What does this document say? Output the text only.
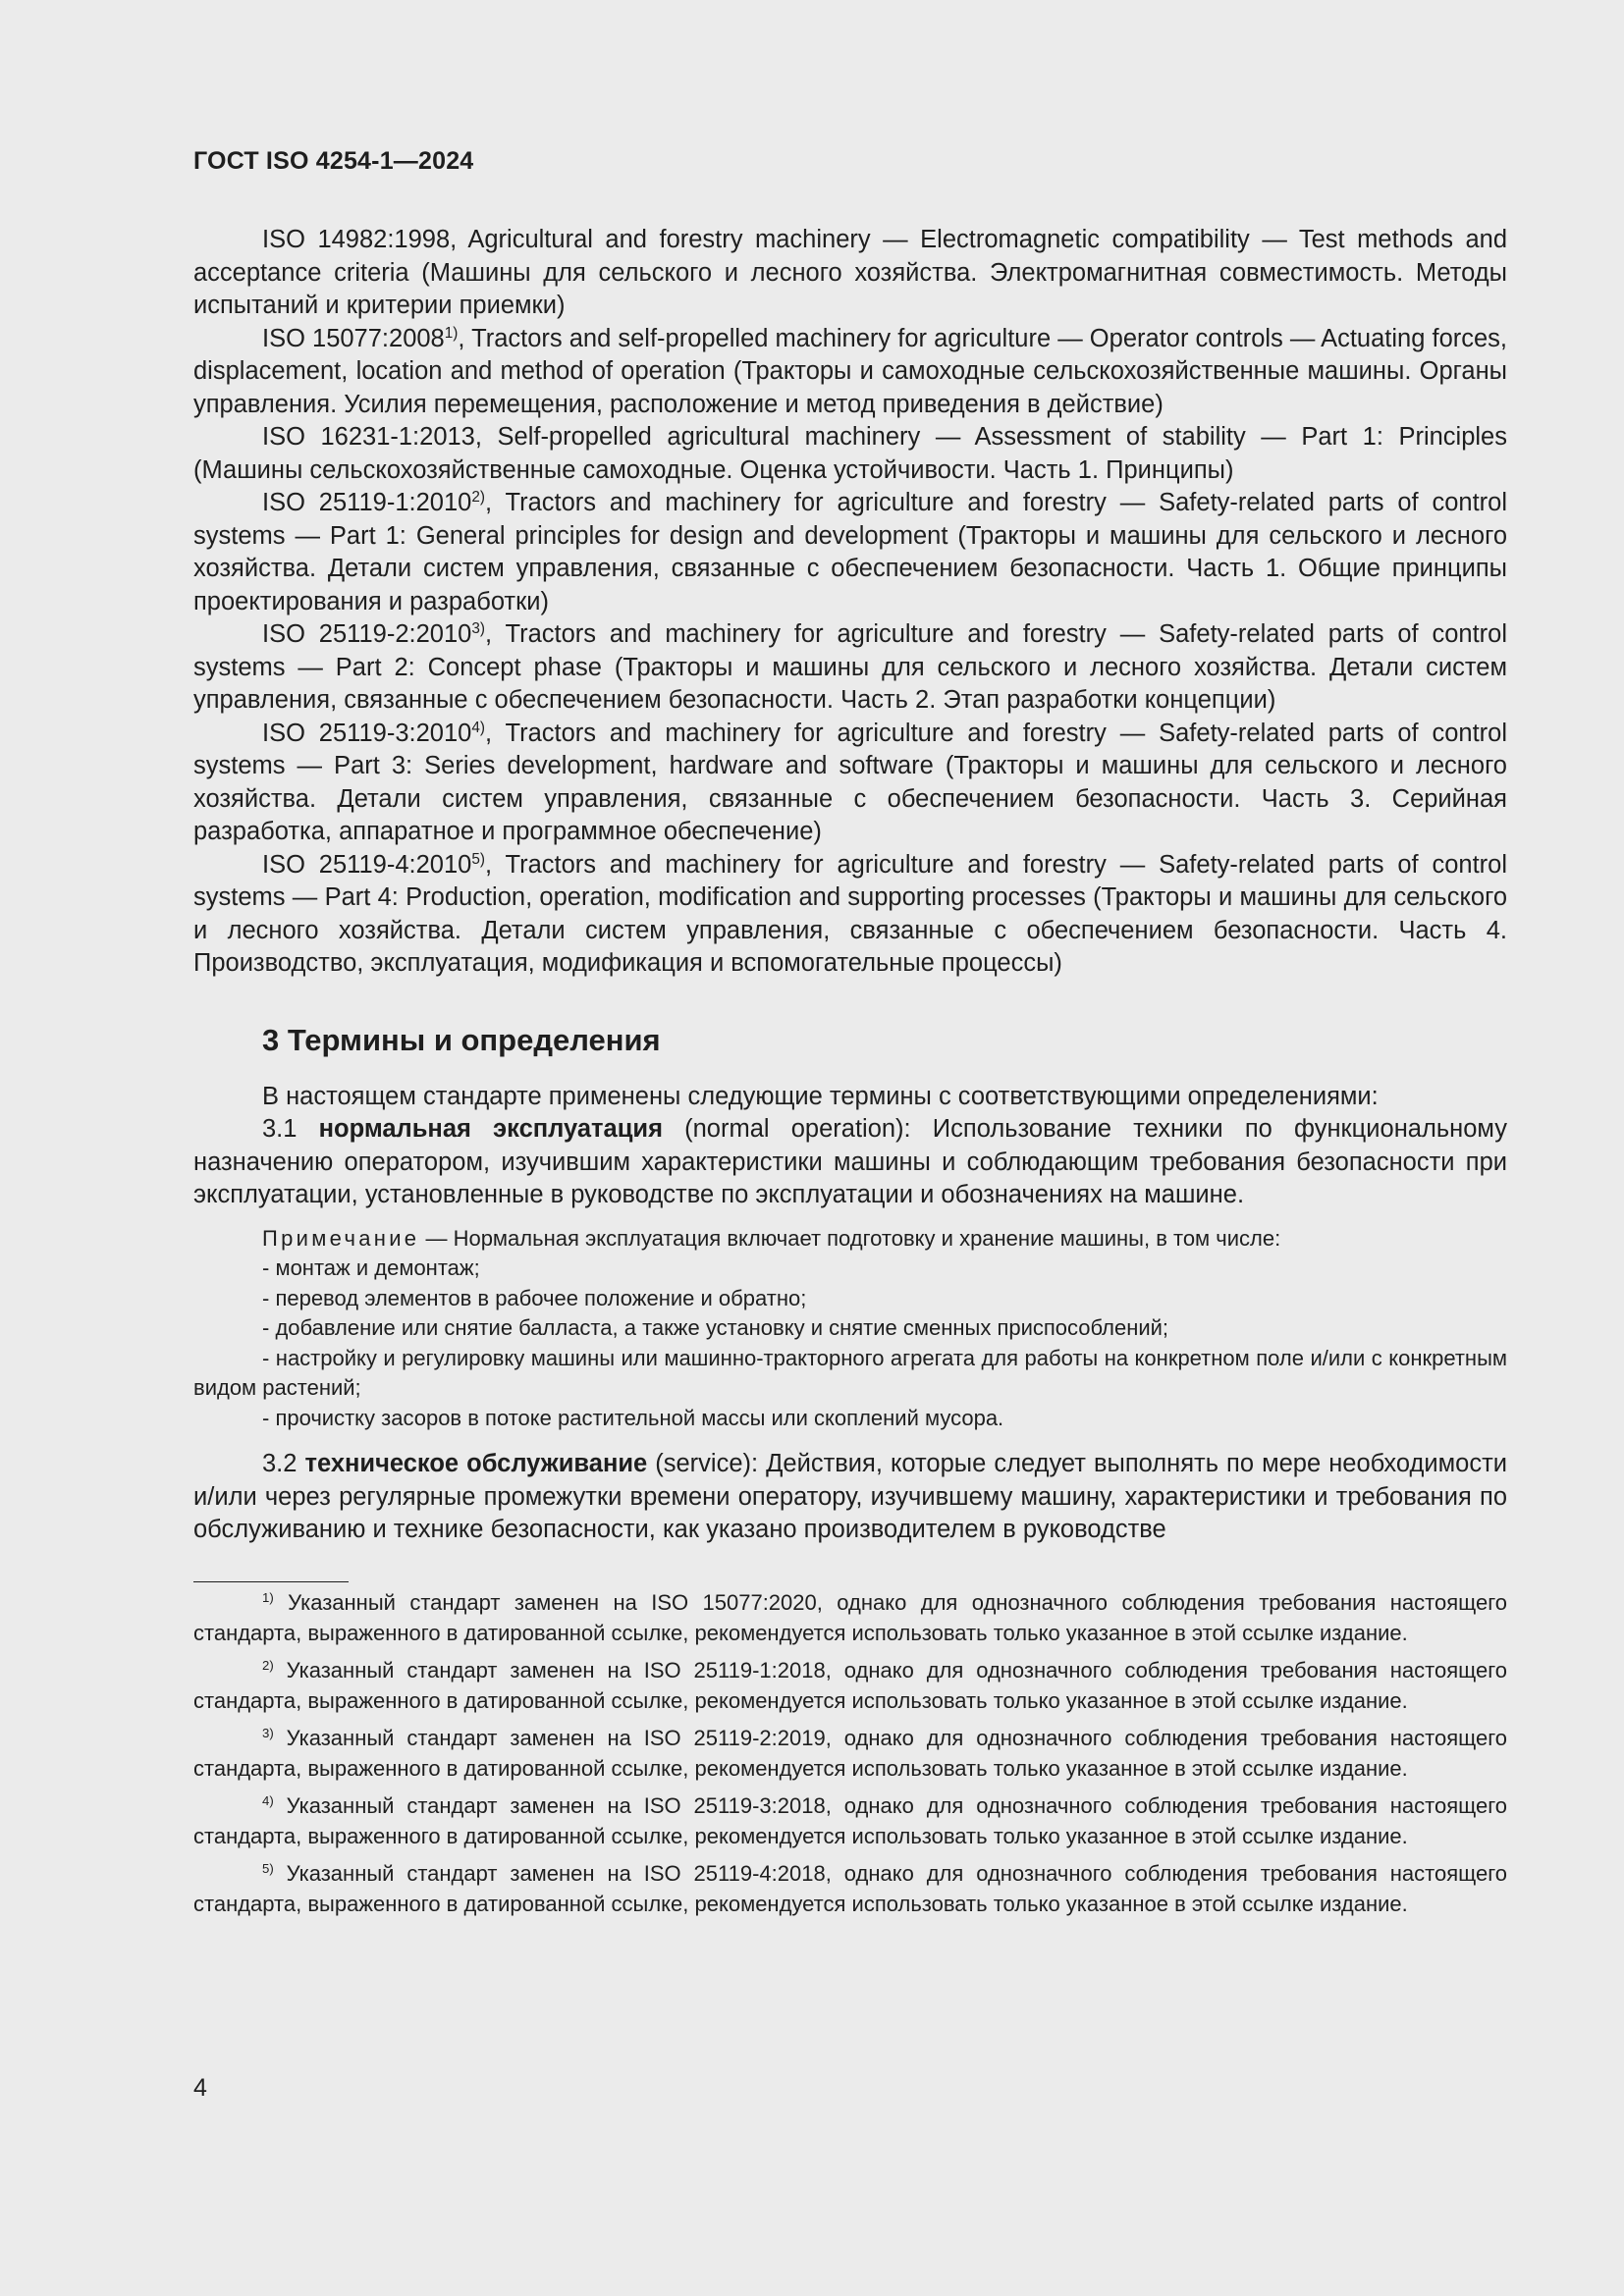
ГОСТ ISO 4254-1—2024

ISO 14982:1998, Agricultural and forestry machinery — Electromagnetic compatibility — Test methods and acceptance criteria (Машины для сельского и лесного хозяйства. Электромагнитная совместимость. Методы испытаний и критерии приемки)

ISO 15077:2008$^{1)}$, Tractors and self-propelled machinery for agriculture — Operator controls — Actuating forces, displacement, location and method of operation (Тракторы и самоходные сельскохозяйственные машины. Органы управления. Усилия перемещения, расположение и метод приведения в действие)

ISO 16231-1:2013, Self-propelled agricultural machinery — Assessment of stability — Part 1: Principles (Машины сельскохозяйственные самоходные. Оценка устойчивости. Часть 1. Принципы)

ISO 25119-1:2010$^{2)}$, Tractors and machinery for agriculture and forestry — Safety-related parts of control systems — Part 1: General principles for design and development (Тракторы и машины для сельского и лесного хозяйства. Детали систем управления, связанные с обеспечением безопасности. Часть 1. Общие принципы проектирования и разработки)

ISO 25119-2:2010$^{3)}$, Tractors and machinery for agriculture and forestry — Safety-related parts of control systems — Part 2: Concept phase (Тракторы и машины для сельского и лесного хозяйства. Детали систем управления, связанные с обеспечением безопасности. Часть 2. Этап разработки концепции)

ISO 25119-3:2010$^{4)}$, Tractors and machinery for agriculture and forestry — Safety-related parts of control systems — Part 3: Series development, hardware and software (Тракторы и машины для сельского и лесного хозяйства. Детали систем управления, связанные с обеспечением безопасности. Часть 3. Серийная разработка, аппаратное и программное обеспечение)

ISO 25119-4:2010$^{5)}$, Tractors and machinery for agriculture and forestry — Safety-related parts of control systems — Part 4: Production, operation, modification and supporting processes (Тракторы и машины для сельского и лесного хозяйства. Детали систем управления, связанные с обеспечением безопасности. Часть 4. Производство, эксплуатация, модификация и вспомогательные процессы)

3 Термины и определения

В настоящем стандарте применены следующие термины с соответствующими определениями:

3.1 нормальная эксплуатация (normal operation): Использование техники по функциональному назначению оператором, изучившим характеристики машины и соблюдающим требования безопасности при эксплуатации, установленные в руководстве по эксплуатации и обозначениях на машине.

Примечание — Нормальная эксплуатация включает подготовку и хранение машины, в том числе:

- монтаж и демонтаж;

- перевод элементов в рабочее положение и обратно;

- добавление или снятие балласта, а также установку и снятие сменных приспособлений;

- настройку и регулировку машины или машинно-тракторного агрегата для работы на конкретном поле и/или с конкретным видом растений;

- прочистку засоров в потоке растительной массы или скоплений мусора.

3.2 техническое обслуживание (service): Действия, которые следует выполнять по мере необходимости и/или через регулярные промежутки времени оператору, изучившему машину, характеристики и требования по обслуживанию и технике безопасности, как указано производителем в руководстве

$^{1)}$ Указанный стандарт заменен на ISO 15077:2020, однако для однозначного соблюдения требования настоящего стандарта, выраженного в датированной ссылке, рекомендуется использовать только указанное в этой ссылке издание.

$^{2)}$ Указанный стандарт заменен на ISO 25119-1:2018, однако для однозначного соблюдения требования настоящего стандарта, выраженного в датированной ссылке, рекомендуется использовать только указанное в этой ссылке издание.

$^{3)}$ Указанный стандарт заменен на ISO 25119-2:2019, однако для однозначного соблюдения требования настоящего стандарта, выраженного в датированной ссылке, рекомендуется использовать только указанное в этой ссылке издание.

$^{4)}$ Указанный стандарт заменен на ISO 25119-3:2018, однако для однозначного соблюдения требования настоящего стандарта, выраженного в датированной ссылке, рекомендуется использовать только указанное в этой ссылке издание.

$^{5)}$ Указанный стандарт заменен на ISO 25119-4:2018, однако для однозначного соблюдения требования настоящего стандарта, выраженного в датированной ссылке, рекомендуется использовать только указанное в этой ссылке издание.

4
